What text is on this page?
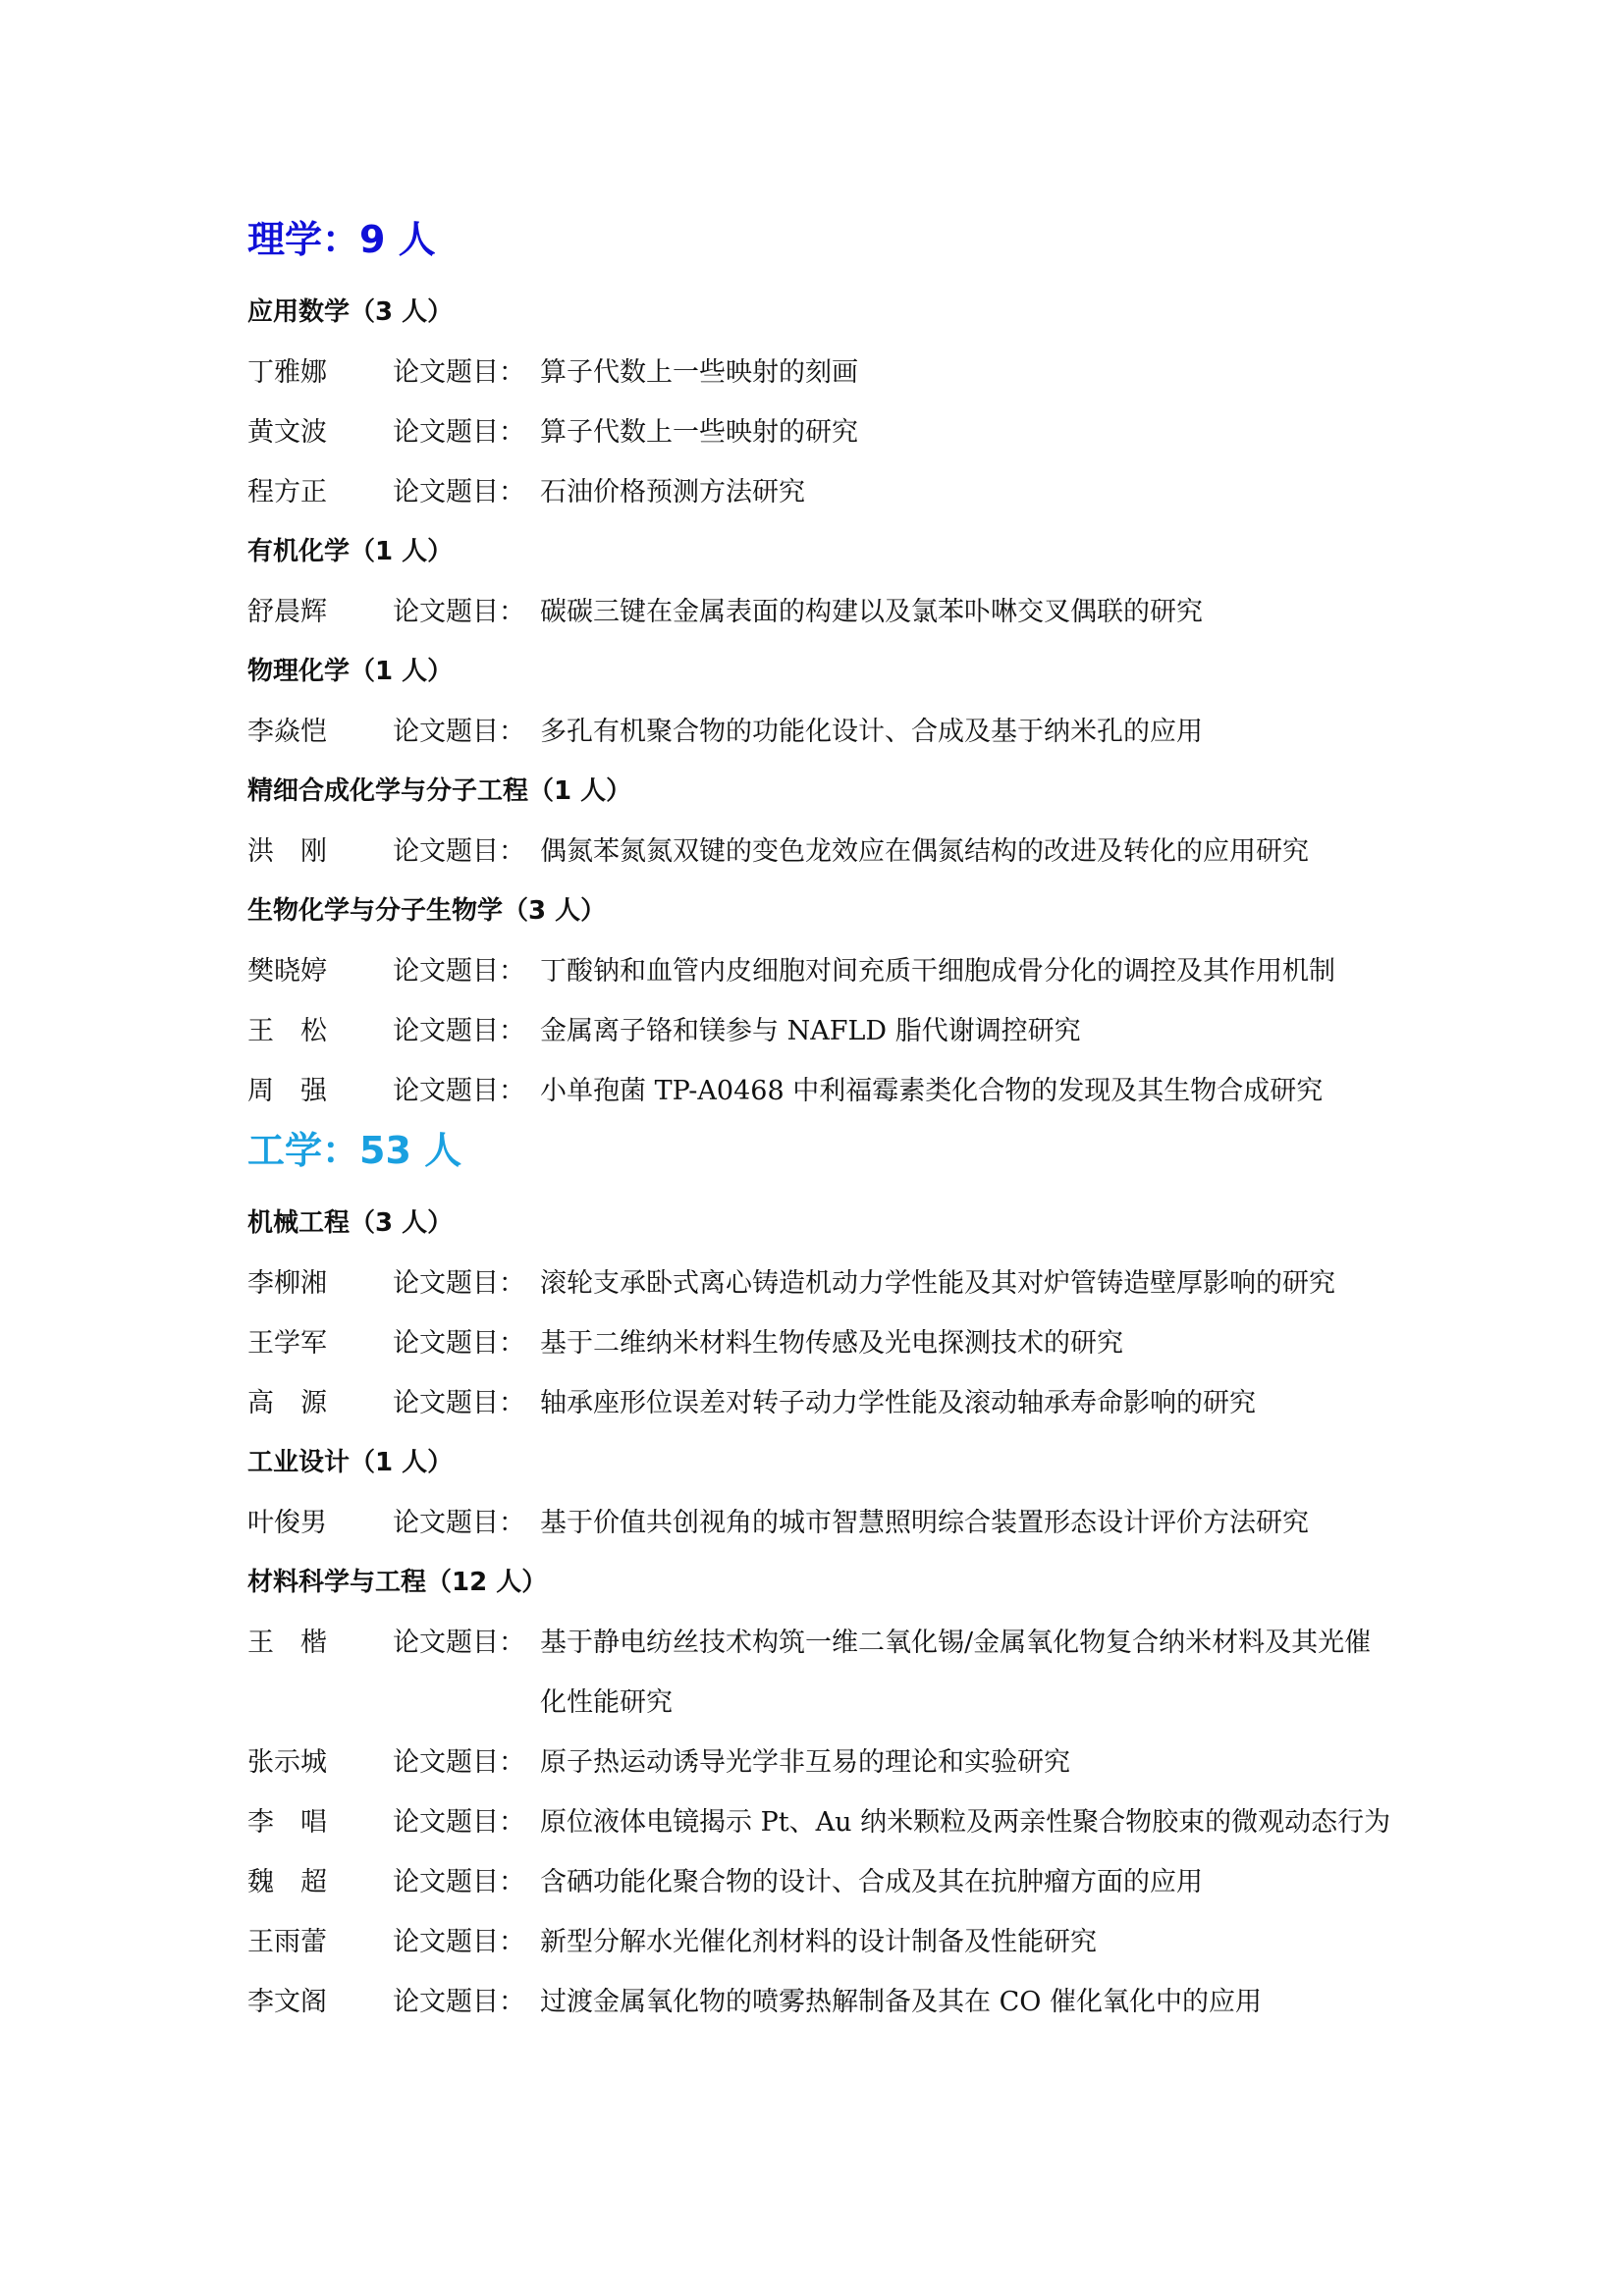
理学：9 人
应用数学（3 人）
丁雅娜	论文题目： 算子代数上一些映射的刻画
黄文波	论文题目： 算子代数上一些映射的研究
程方正	论文题目： 石油价格预测方法研究
有机化学（1 人）
舒晨辉	论文题目： 碳碳三键在金属表面的构建以及氯苯卟啉交叉偶联的研究
物理化学（1 人）
李焱恺	论文题目： 多孔有机聚合物的功能化设计、合成及基于纳米孔的应用
精细合成化学与分子工程（1 人）
洪　刚	论文题目： 偶氮苯氮氮双键的变色龙效应在偶氮结构的改进及转化的应用研究
生物化学与分子生物学（3 人）
樊晓婷	论文题目： 丁酸钠和血管内皮细胞对间充质干细胞成骨分化的调控及其作用机制
王　松	论文题目： 金属离子铬和镁参与 NAFLD 脂代谢调控研究
周　强	论文题目： 小单孢菌 TP-A0468 中利福霉素类化合物的发现及其生物合成研究
工学：53 人
机械工程（3 人）
李柳湘	论文题目： 滚轮支承卧式离心铸造机动力学性能及其对炉管铸造壁厚影响的研究
王学军	论文题目： 基于二维纳米材料生物传感及光电探测技术的研究
高　源	论文题目： 轴承座形位误差对转子动力学性能及滚动轴承寿命影响的研究
工业设计（1 人）
叶俊男	论文题目： 基于价值共创视角的城市智慧照明综合装置形态设计评价方法研究
材料科学与工程（12 人）
王　楷	论文题目： 基于静电纺丝技术构筑一维二氧化锡/金属氧化物复合纳米材料及其光催化性能研究
张示城	论文题目： 原子热运动诱导光学非互易的理论和实验研究
李　唱	论文题目： 原位液体电镜揭示 Pt、Au 纳米颗粒及两亲性聚合物胶束的微观动态行为
魏　超	论文题目： 含硒功能化聚合物的设计、合成及其在抗肿瘤方面的应用
王雨蕾	论文题目： 新型分解水光催化剂材料的设计制备及性能研究
李文阁	论文题目： 过渡金属氧化物的喷雾热解制备及其在 CO 催化氧化中的应用
